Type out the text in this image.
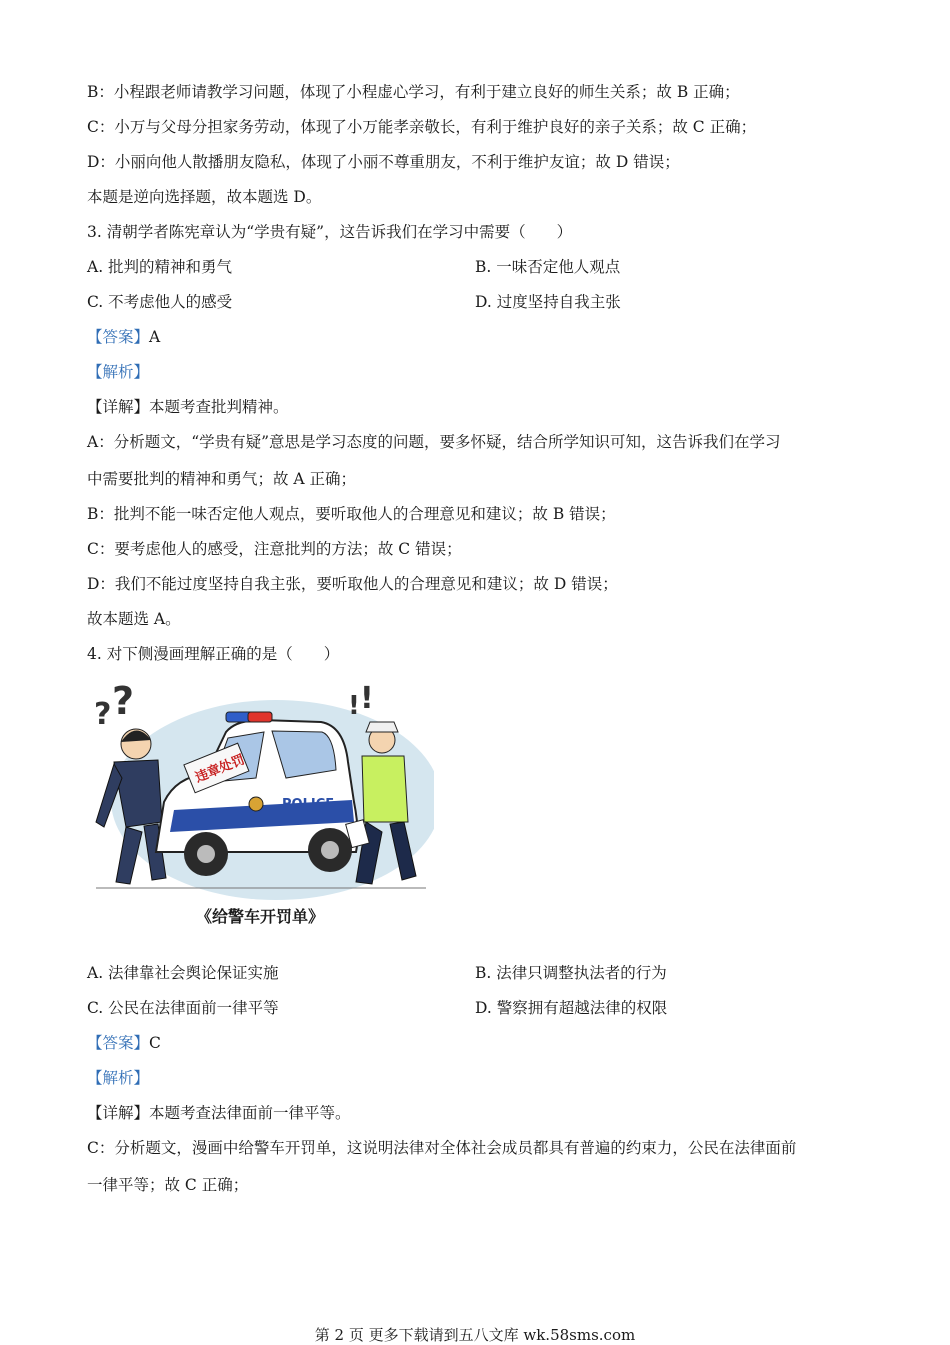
B：小程跟老师请教学习问题，体现了小程虚心学习，有利于建立良好的师生关系；故 B 正确；
C：小万与父母分担家务劳动，体现了小万能孝亲敬长，有利于维护良好的亲子关系；故 C 正确；
D：小丽向他人散播朋友隐私，体现了小丽不尊重朋友，不利于维护友谊；故 D 错误；
本题是逆向选择题，故本题选 D。
3. 清朝学者陈宪章认为“学贵有疑”，这告诉我们在学习中需要（　　）
A. 批判的精神和勇气	B. 一味否定他人观点
C. 不考虑他人的感受	D. 过度坚持自我主张
【答案】A
【解析】
【详解】本题考查批判精神。
A：分析题文，“学贵有疑”意思是学习态度的问题，要多怀疑，结合所学知识可知，这告诉我们在学习
中需要批判的精神和勇气；故 A 正确；
B：批判不能一味否定他人观点，要听取他人的合理意见和建议；故 B 错误；
C：要考虑他人的感受，注意批判的方法；故 C 错误；
D：我们不能过度坚持自我主张，要听取他人的合理意见和建议；故 D 错误；
故本题选 A。
4. 对下侧漫画理解正确的是（　　）
? ?	! !
POLICE
违章处罚
《给警车开罚单》
A. 法律靠社会舆论保证实施	B. 法律只调整执法者的行为
C. 公民在法律面前一律平等	D. 警察拥有超越法律的权限
【答案】C
【解析】
【详解】本题考查法律面前一律平等。
C：分析题文，漫画中给警车开罚单，这说明法律对全体社会成员都具有普遍的约束力，公民在法律面前
一律平等；故 C 正确；
第 2 页 更多下载请到五八文库 wk.58sms.com
